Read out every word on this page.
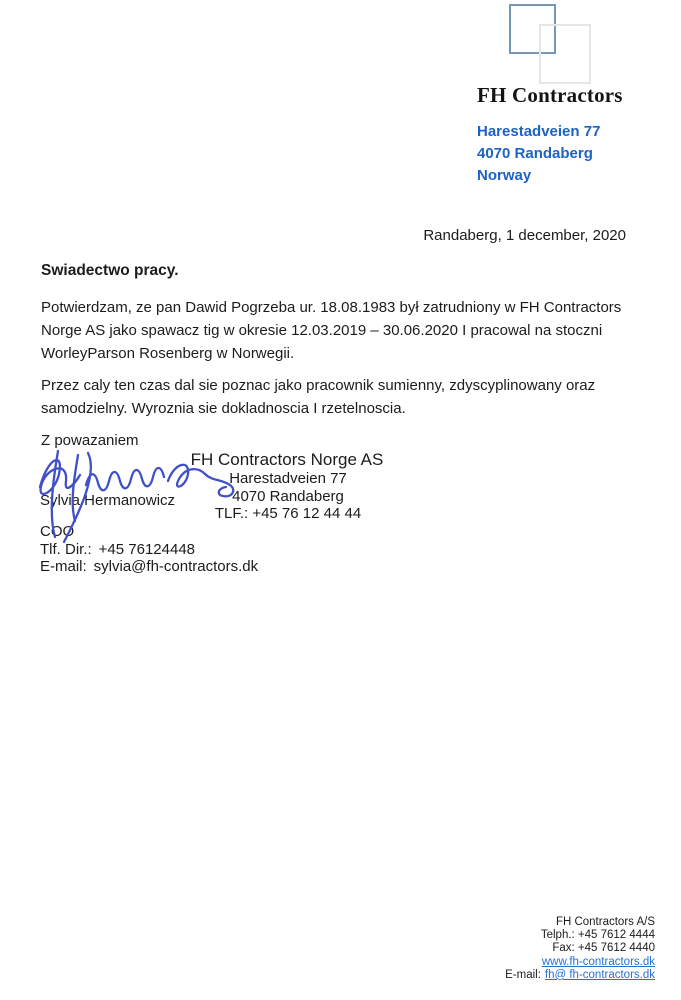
FH Contractors
Harestadveien 77
4070 Randaberg
Norway
Randaberg, 1 december, 2020
Swiadectwo pracy.
Potwierdzam, ze pan Dawid Pogrzeba ur. 18.08.1983 był zatrudniony w FH Contractors Norge AS jako spawacz tig w okresie 12.03.2019 – 30.06.2020 I pracowal na stoczni WorleyParson Rosenberg w Norwegii.
Przez caly ten czas dal sie poznac jako pracownik sumienny, zdyscyplinowany oraz samodzielny. Wyroznia sie dokladnoscia I rzetelnoscia.
Z powazaniem
FH Contractors Norge AS
Harestadveien 77
4070 Randaberg
TLF.: +45 76 12 44 44
Sylvia Hermanowicz
COO
Tlf. Dir.: +45 76124448
E-mail: sylvia@fh-contractors.dk
FH Contractors A/S
Telph.: +45 7612 4444
Fax: +45 7612 4440
www.fh-contractors.dk
E-mail: fh@ fh-contractors.dk
